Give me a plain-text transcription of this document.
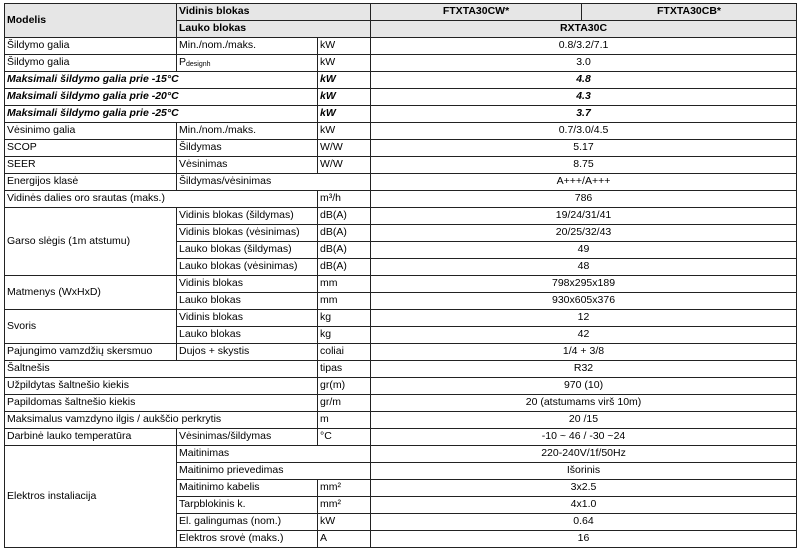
Modelis	Vidinis blokas		FTXTA30CW*	FTXTA30CB*
	Lauko blokas		RXTA30C	
Šildymo galia	Min./nom./maks.	kW	0.8/3.2/7.1	
Šildymo galia	$P_{designh}$	kW	3.0	
Maksimali šildymo galia prie -15°C		kW	4.8	
Maksimali šildymo galia prie -20°C		kW	4.3	
Maksimali šildymo galia prie -25°C		kW	3.7	
Vėsinimo galia	Min./nom./maks.	kW	0.7/3.0/4.5	
SCOP	Šildymas	W/W	5.17	
SEER	Vėsinimas	W/W	8.75	
Energijos klasė	Šildymas/vėsinimas		A+++/A+++	
Vidinės dalies oro srautas (maks.)		m³/h	786	
Garso slėgis (1m atstumu)	Vidinis blokas (šildymas)	dB(A)	19/24/31/41	
	Vidinis blokas (vėsinimas)	dB(A)	20/25/32/43	
	Lauko blokas (šildymas)	dB(A)	49	
	Lauko blokas (vėsinimas)	dB(A)	48	
Matmenys (WxHxD)	Vidinis blokas	mm	798x295x189	
	Lauko blokas	mm	930x605x376	
Svoris	Vidinis blokas	kg	12	
	Lauko blokas	kg	42	
Pajungimo vamzdžių skersmuo	Dujos + skystis	coliai	1/4 + 3/8	
Šaltnešis		tipas	R32	
Užpildytas šaltnešio kiekis		gr(m)	970 (10)	
Papildomas šaltnešio kiekis		gr/m	20 (atstumams virš 10m)	
Maksimalus vamzdyno ilgis / aukščio perkrytis		m	20 /15	
Darbinė lauko temperatūra	Vėsinimas/šildymas	°C	-10 ~ 46 / -30 ~24	
Elektros instaliacija	Maitinimas		220-240V/1f/50Hz	
	Maitinimo prievedimas		Išorinis	
	Maitinimo kabelis	mm²	3x2.5	
	Tarpblokinis k.	mm²	4x1.0	
	El. galingumas (nom.)	kW	0.64	
	Elektros srovė (maks.)	A	16	
